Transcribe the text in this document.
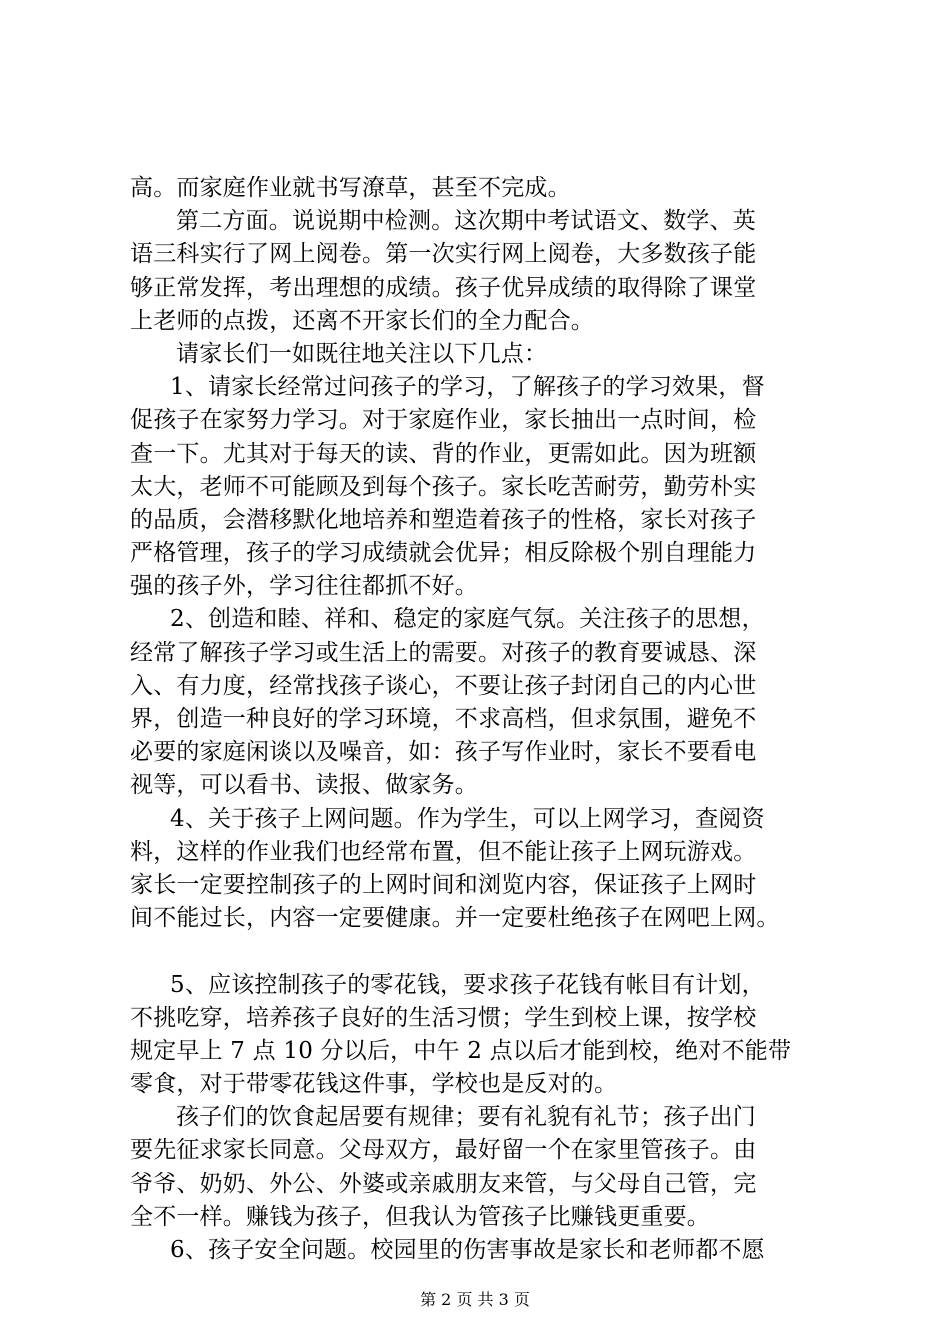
高。而家庭作业就书写潦草，甚至不完成。
第二方面。说说期中检测。这次期中考试语文、数学、英
语三科实行了网上阅卷。第一次实行网上阅卷，大多数孩子能
够正常发挥，考出理想的成绩。孩子优异成绩的取得除了课堂
上老师的点拨，还离不开家长们的全力配合。
请家长们一如既往地关注以下几点：
1、请家长经常过问孩子的学习，了解孩子的学习效果，督
促孩子在家努力学习。对于家庭作业，家长抽出一点时间，检
查一下。尤其对于每天的读、背的作业，更需如此。因为班额
太大，老师不可能顾及到每个孩子。家长吃苦耐劳，勤劳朴实
的品质，会潜移默化地培养和塑造着孩子的性格，家长对孩子
严格管理，孩子的学习成绩就会优异；相反除极个别自理能力
强的孩子外，学习往往都抓不好。
2、创造和睦、祥和、稳定的家庭气氛。关注孩子的思想，
经常了解孩子学习或生活上的需要。对孩子的教育要诚恳、深
入、有力度，经常找孩子谈心，不要让孩子封闭自己的内心世
界，创造一种良好的学习环境，不求高档，但求氛围，避免不
必要的家庭闲谈以及噪音，如：孩子写作业时，家长不要看电
视等，可以看书、读报、做家务。
4、关于孩子上网问题。作为学生，可以上网学习，查阅资
料，这样的作业我们也经常布置，但不能让孩子上网玩游戏。
家长一定要控制孩子的上网时间和浏览内容，保证孩子上网时
间不能过长，内容一定要健康。并一定要杜绝孩子在网吧上网。
5、应该控制孩子的零花钱，要求孩子花钱有帐目有计划，
不挑吃穿，培养孩子良好的生活习惯；学生到校上课，按学校
规定早上 7 点 10 分以后，中午 2 点以后才能到校，绝对不能带
零食，对于带零花钱这件事，学校也是反对的。
孩子们的饮食起居要有规律；要有礼貌有礼节；孩子出门
要先征求家长同意。父母双方，最好留一个在家里管孩子。由
爷爷、奶奶、外公、外婆或亲戚朋友来管，与父母自己管，完
全不一样。赚钱为孩子，但我认为管孩子比赚钱更重要。
6、孩子安全问题。校园里的伤害事故是家长和老师都不愿
第 2 页 共 3 页
